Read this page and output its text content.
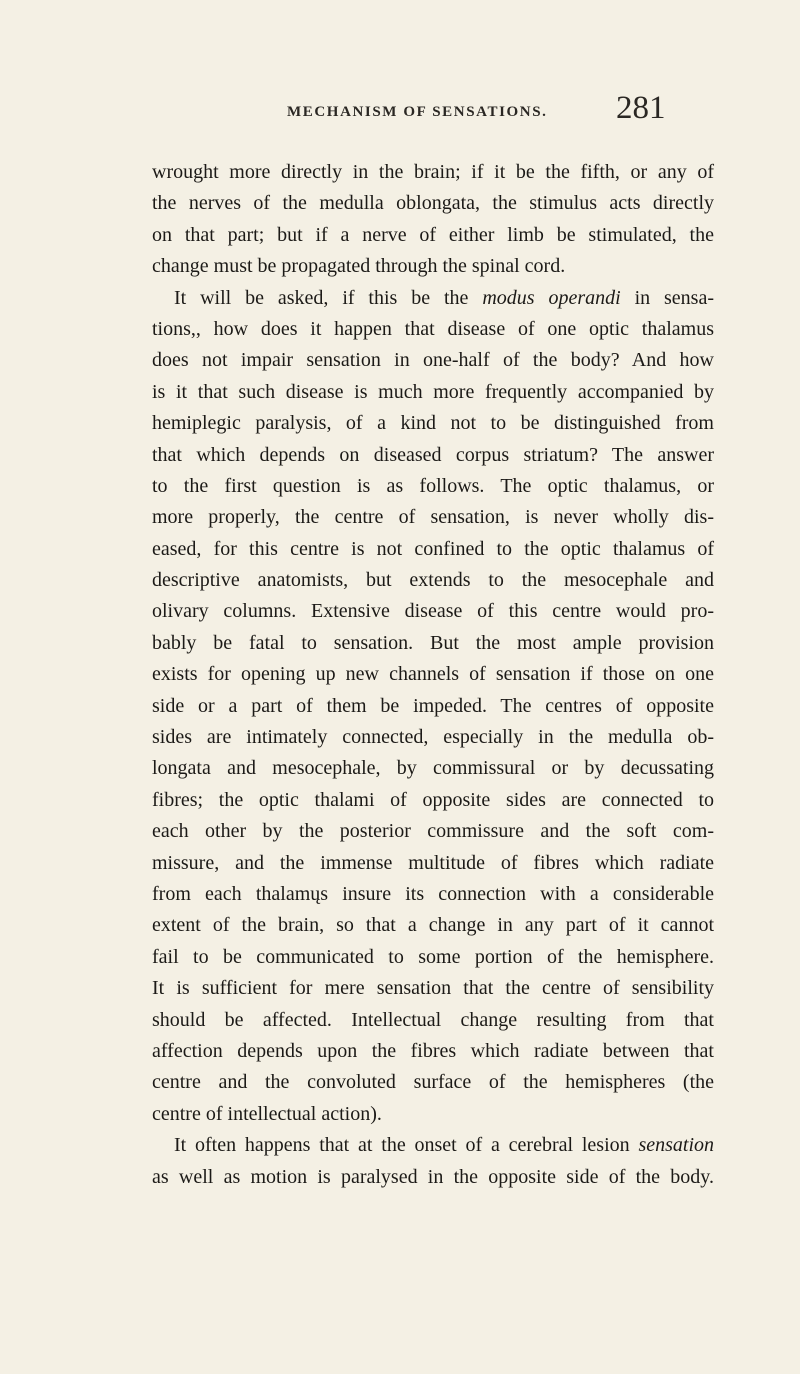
MECHANISM OF SENSATIONS. 281
wrought more directly in the brain; if it be the fifth, or any of
the nerves of the medulla oblongata, the stimulus acts directly
on that part; but if a nerve of either limb be stimulated, the
change must be propagated through the spinal cord.
It will be asked, if this be the modus operandi in sensa-
tions,, how does it happen that disease of one optic thalamus
does not impair sensation in one-half of the body? And how
is it that such disease is much more frequently accompanied by
hemiplegic paralysis, of a kind not to be distinguished from
that which depends on diseased corpus striatum? The answer
to the first question is as follows. The optic thalamus, or
more properly, the centre of sensation, is never wholly dis-
eased, for this centre is not confined to the optic thalamus of
descriptive anatomists, but extends to the mesocephale and
olivary columns. Extensive disease of this centre would pro-
bably be fatal to sensation. But the most ample provision
exists for opening up new channels of sensation if those on one
side or a part of them be impeded. The centres of opposite
sides are intimately connected, especially in the medulla ob-
longata and mesocephale, by commissural or by decussating
fibres; the optic thalami of opposite sides are connected to
each other by the posterior commissure and the soft com-
missure, and the immense multitude of fibres which radiate
from each thalamųs insure its connection with a considerable
extent of the brain, so that a change in any part of it cannot
fail to be communicated to some portion of the hemisphere.
It is sufficient for mere sensation that the centre of sensibility
should be affected. Intellectual change resulting from that
affection depends upon the fibres which radiate between that
centre and the convoluted surface of the hemispheres (the
centre of intellectual action).
It often happens that at the onset of a cerebral lesion sensation
as well as motion is paralysed in the opposite side of the body.
